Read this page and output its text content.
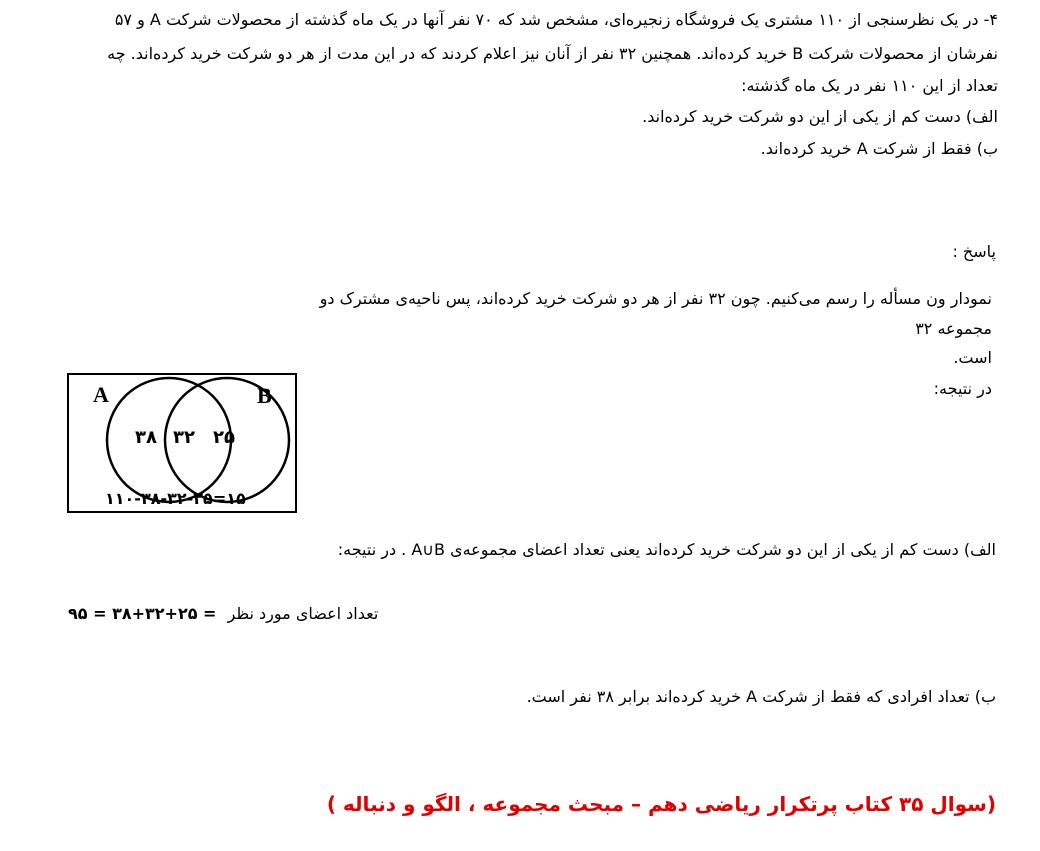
۴- در یک نظرسنجی از ۱۱۰ مشتری یک فروشگاه زنجیره‌ای، مشخص شد که ۷۰ نفر آنها در یک ماه گذشته از محصولات شرکت A و ۵۷
نفرشان از محصولات شرکت B خرید کرده‌اند. همچنین ۳۲ نفر از آنان نیز اعلام کردند که در این مدت از هر دو شرکت خرید کرده‌اند. چه
تعداد از این ۱۱۰ نفر در یک ماه گذشته:
الف) دست کم از یکی از این دو شرکت خرید کرده‌اند.
ب) فقط از شرکت A خرید کرده‌اند.
پاسخ :
نمودار ون مسأله را رسم می‌کنیم. چون ۳۲ نفر از هر دو شرکت خرید کرده‌اند، پس ناحیه‌ی مشترک دو
مجموعه ۳۲
است.
در نتیجه:
A	B
۳۸ ۳۲ ۲۵
۱۱۰-۳۸-۳۲-۲۵=۱۵
الف) دست کم از یکی از این دو شرکت خرید کرده‌اند یعنی تعداد اعضای مجموعه‌ی A∪B . در نتیجه:
= ۳۸+۳۲+۲۵ = ۹۵ تعداد اعضای مورد نظر
ب) تعداد افرادی که فقط از شرکت A خرید کرده‌اند برابر ۳۸ نفر است.
(سوال ۳۵ کتاب پرتکرار ریاضی دهم – مبحث مجموعه ، الگو و دنباله )
